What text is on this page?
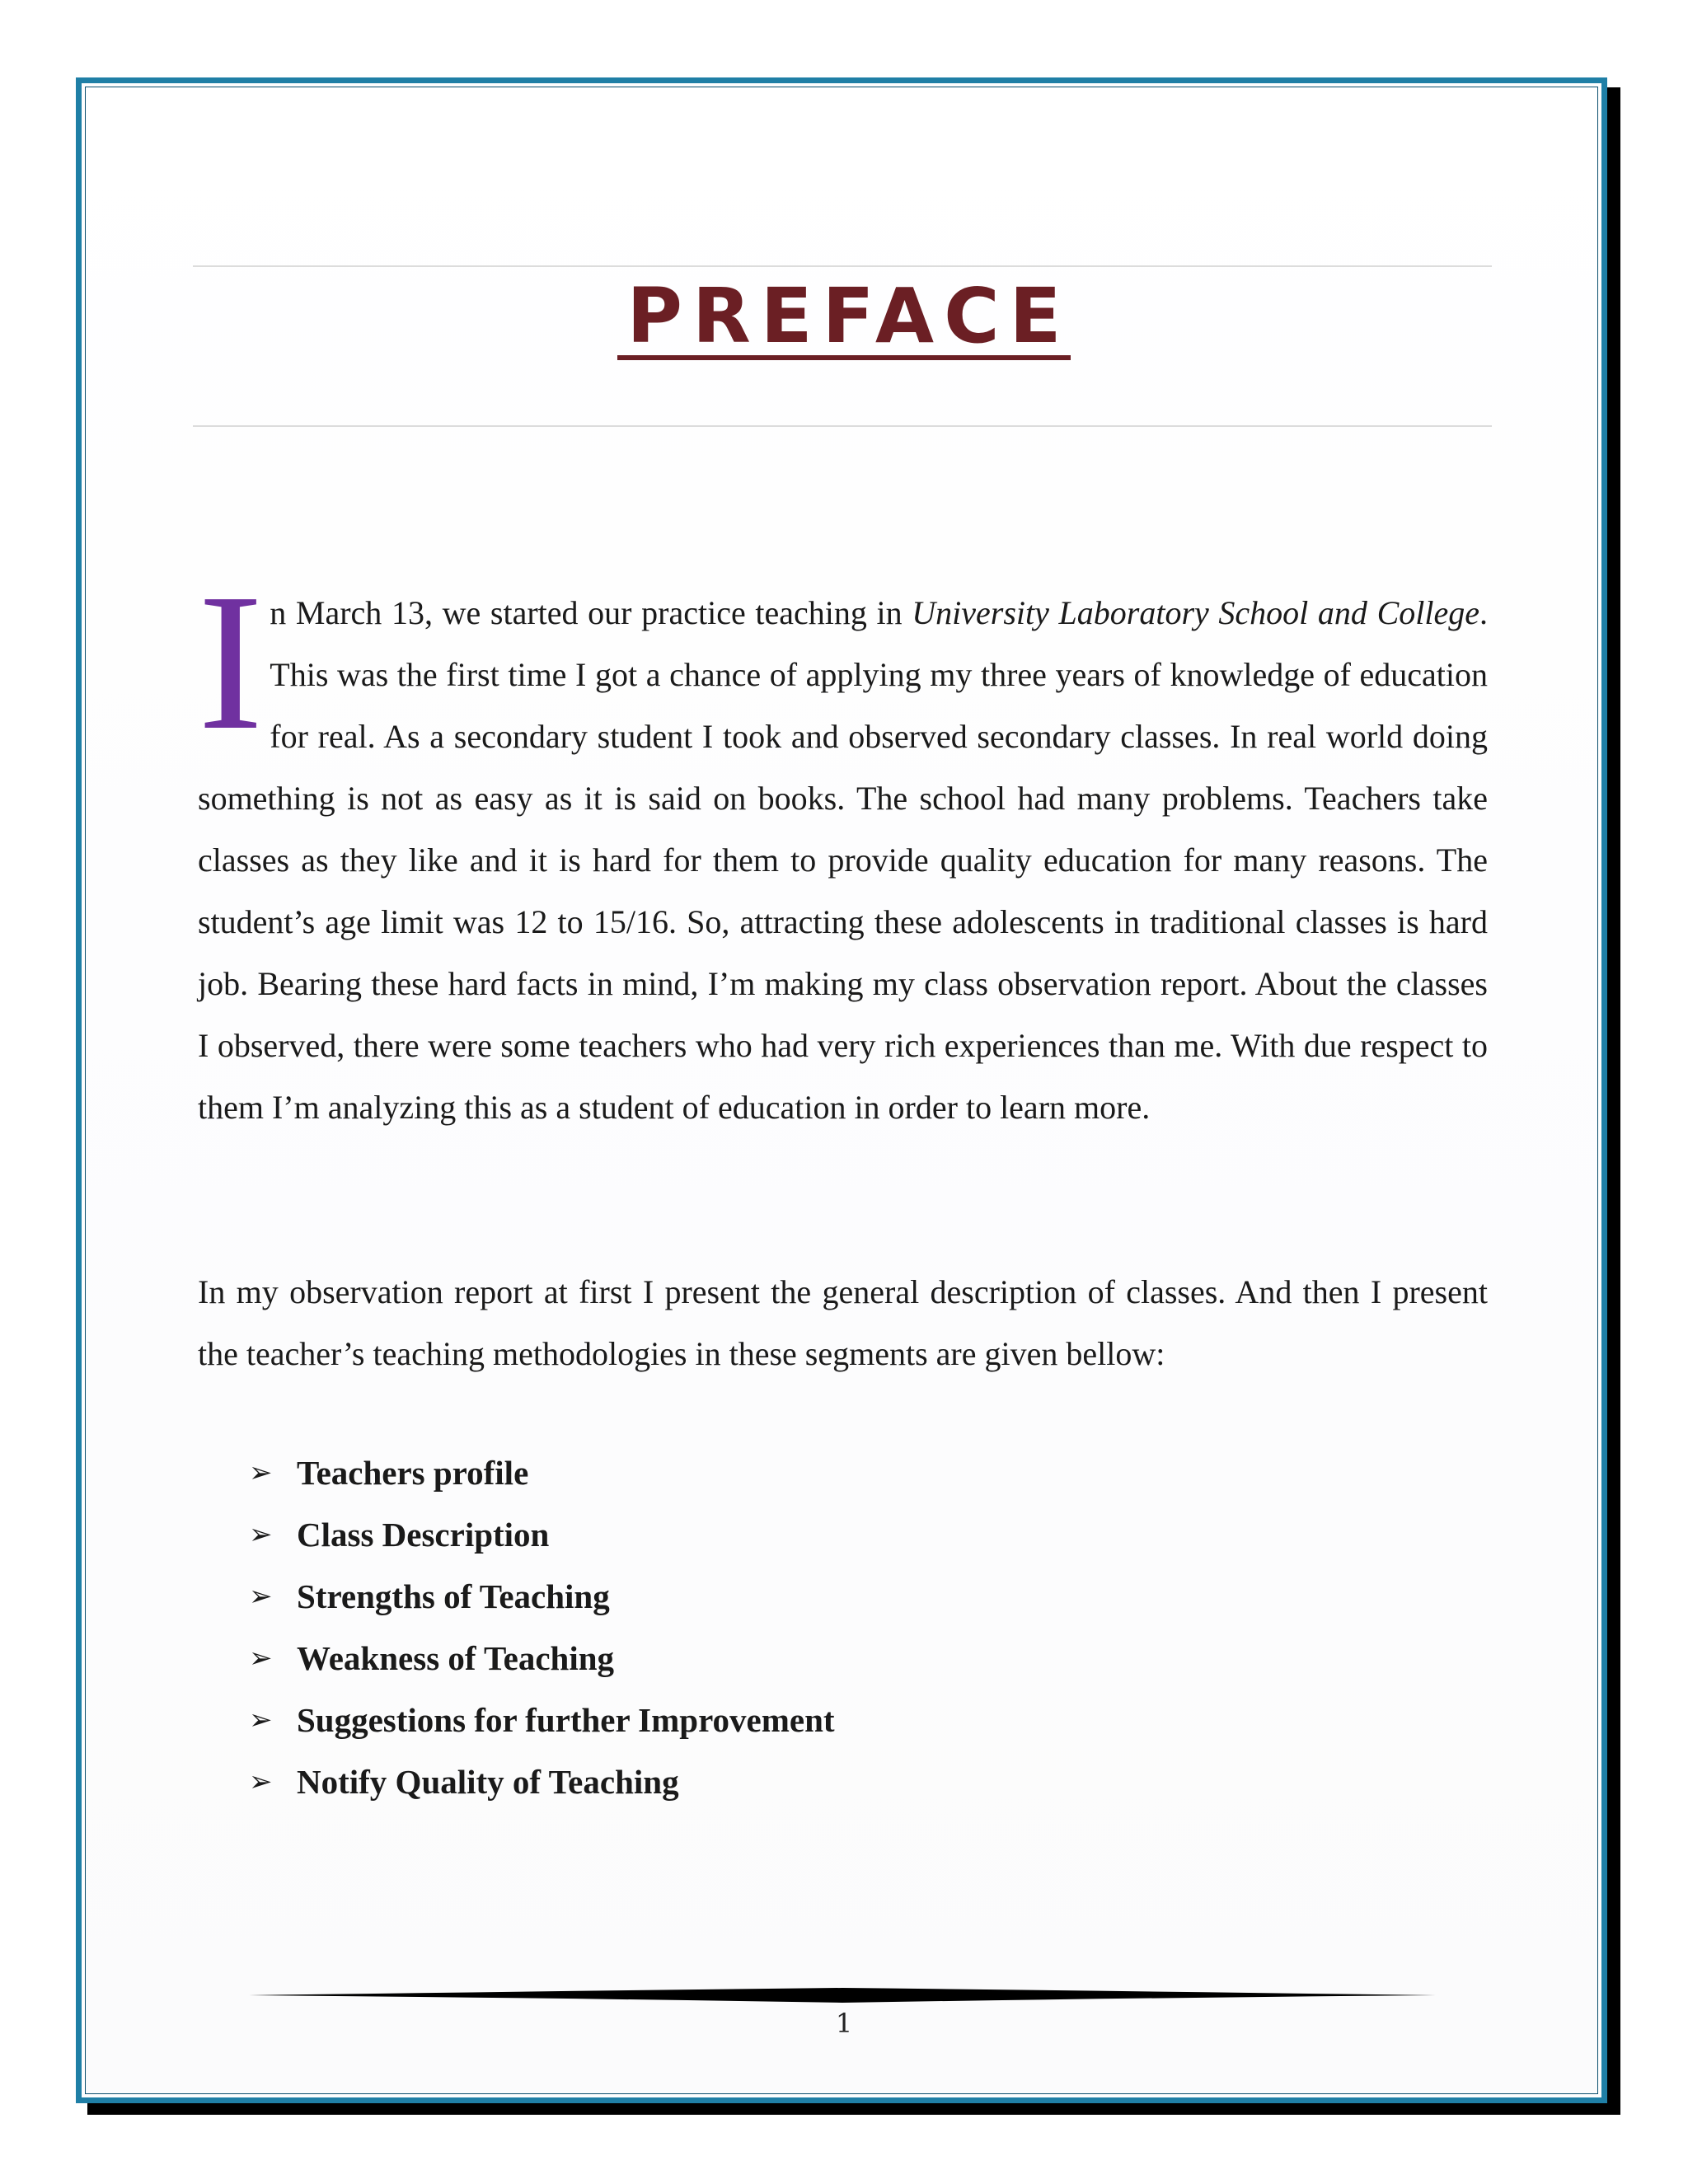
PREFACE
In March 13, we started our practice teaching in University Laboratory School and College. This was the first time I got a chance of applying my three years of knowledge of education for real. As a secondary student I took and observed secondary classes. In real world doing something is not as easy as it is said on books. The school had many problems. Teachers take classes as they like and it is hard for them to provide quality education for many reasons. The student’s age limit was 12 to 15/16. So, attracting these adolescents in traditional classes is hard job. Bearing these hard facts in mind, I’m making my class observation report. About the classes I observed, there were some teachers who had very rich experiences than me. With due respect to them I’m analyzing this as a student of education in order to learn more.
In my observation report at first I present the general description of classes. And then I present the teacher’s teaching methodologies in these segments are given bellow:
➢ Teachers profile
➢ Class Description
➢ Strengths of Teaching
➢ Weakness of Teaching
➢ Suggestions for further Improvement
➢ Notify Quality of Teaching
1
